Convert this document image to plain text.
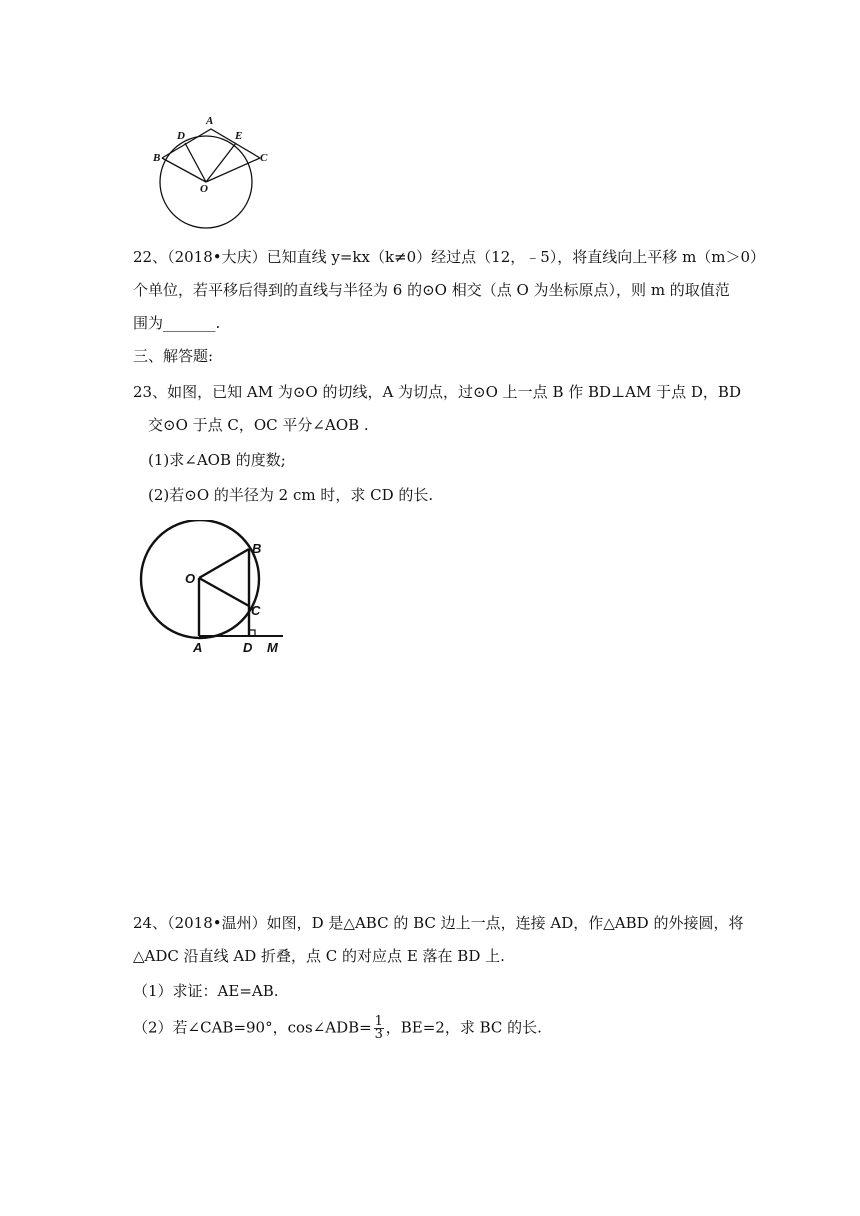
A
D	E
B	C
O
22、（2018•大庆）已知直线 y=kx（k≠0）经过点（12，﹣5），将直线向上平移 m（m＞0）
个单位，若平移后得到的直线与半径为 6 的⊙O 相交（点 O 为坐标原点），则 m 的取值范
围为_______.
三、解答题:
23、如图，已知 AM 为⊙O 的切线，A 为切点，过⊙O 上一点 B 作 BD⊥AM 于点 D，BD
交⊙O 于点 C，OC 平分∠AOB .
(1)求∠AOB 的度数;
(2)若⊙O 的半径为 2 cm 时，求 CD 的长.
B
O
C
A	D M
24、（2018•温州）如图，D 是△ABC 的 BC 边上一点，连接 AD，作△ABD 的外接圆，将
△ADC 沿直线 AD 折叠，点 C 的对应点 E 落在 BD 上.
（1）求证：AE=AB.
（2）若∠CAB=90°，cos∠ADB= $\frac{1}{3}$ ，BE=2，求 BC 的长.
